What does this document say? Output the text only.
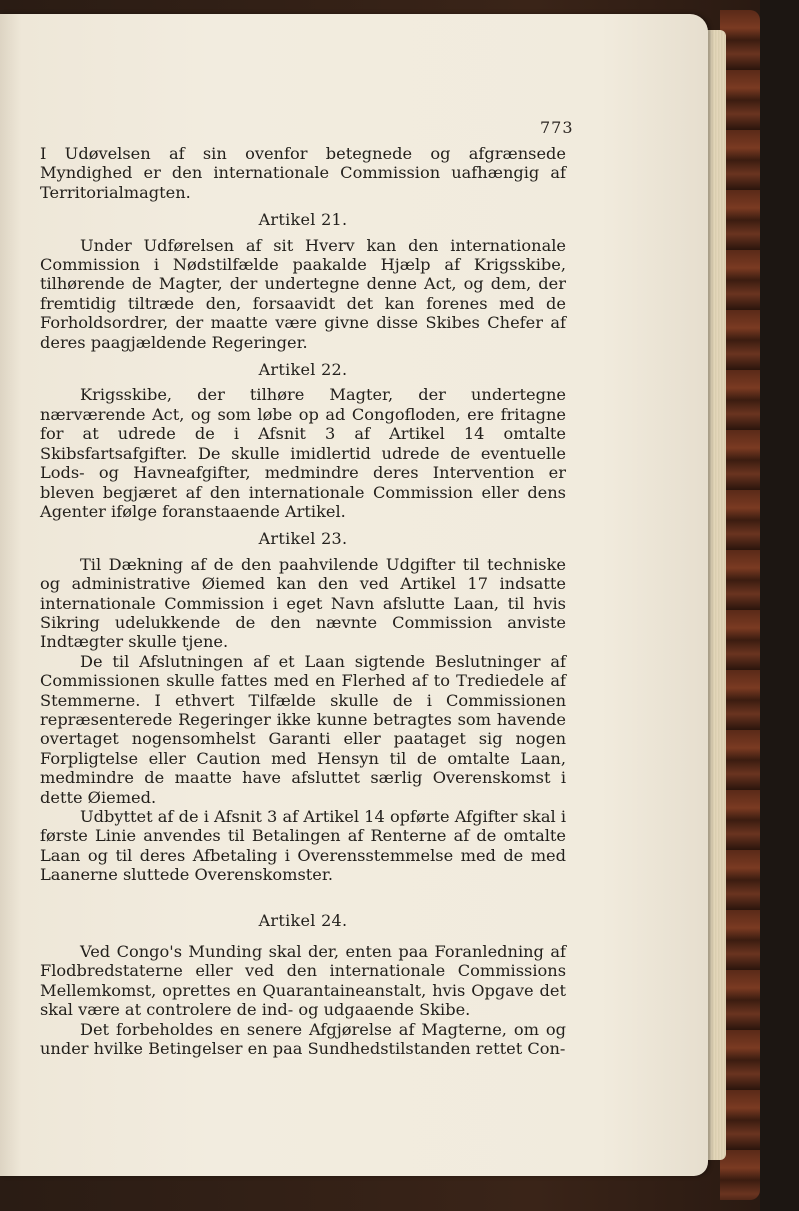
773

I Udøvelsen af sin ovenfor betegnede og afgrænsede Myndighed er den internationale Commission uafhængig af Territorialmagten.

Artikel 21.

Under Udførelsen af sit Hverv kan den internationale Commission i Nødstilfælde paakalde Hjælp af Krigsskibe, tilhørende de Magter, der undertegne denne Act, og dem, der fremtidig tiltræde den, forsaavidt det kan forenes med de Forholdsordrer, der maatte være givne disse Skibes Chefer af deres paagjældende Regeringer.

Artikel 22.

Krigsskibe, der tilhøre Magter, der undertegne nærværende Act, og som løbe op ad Congofloden, ere fritagne for at udrede de i Afsnit 3 af Artikel 14 omtalte Skibsfartsafgifter. De skulle imidlertid udrede de eventuelle Lods- og Havneafgifter, medmindre deres Intervention er bleven begjæret af den internationale Commission eller dens Agenter ifølge foranstaaende Artikel.

Artikel 23.

Til Dækning af de den paahvilende Udgifter til techniske og administrative Øiemed kan den ved Artikel 17 indsatte internationale Commission i eget Navn afslutte Laan, til hvis Sikring udelukkende de den nævnte Commission anviste Indtægter skulle tjene.

De til Afslutningen af et Laan sigtende Beslutninger af Commissionen skulle fattes med en Flerhed af to Trediedele af Stemmerne. I ethvert Tilfælde skulle de i Commissionen repræsenterede Regeringer ikke kunne betragtes som havende overtaget nogensomhelst Garanti eller paataget sig nogen Forpligtelse eller Caution med Hensyn til de omtalte Laan, medmindre de maatte have afsluttet særlig Overenskomst i dette Øiemed.

Udbyttet af de i Afsnit 3 af Artikel 14 opførte Afgifter skal i første Linie anvendes til Betalingen af Renterne af de omtalte Laan og til deres Afbetaling i Overensstemmelse med de med Laanerne sluttede Overenskomster.

Artikel 24.

Ved Congo's Munding skal der, enten paa Foranledning af Flodbredstaterne eller ved den internationale Commissions Mellemkomst, oprettes en Quarantaineanstalt, hvis Opgave det skal være at controlere de ind- og udgaaende Skibe.

Det forbeholdes en senere Afgjørelse af Magterne, om og under hvilke Betingelser en paa Sundhedstilstanden rettet Con-
